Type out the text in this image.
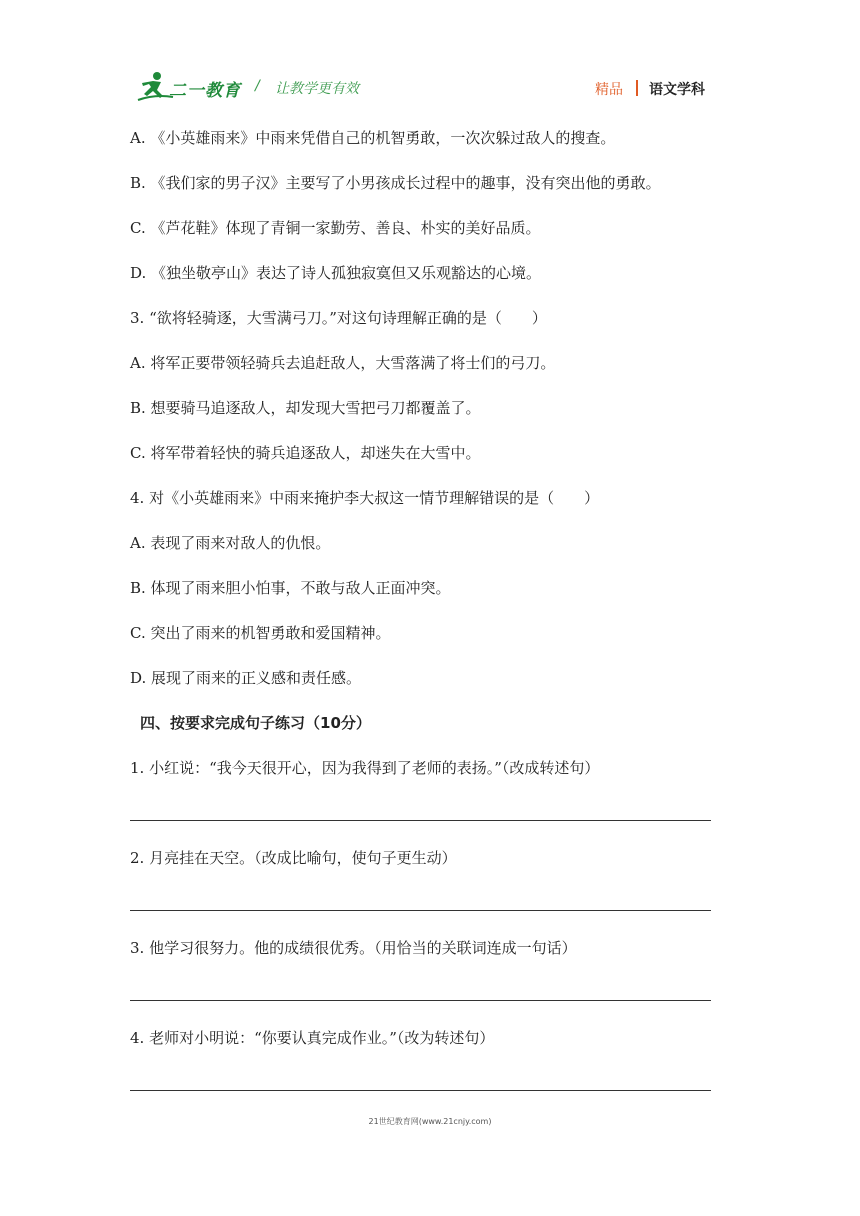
二一教育 / 让教学更有效	精品 语文学科
A. 《小英雄雨来》中雨来凭借自己的机智勇敢，一次次躲过敌人的搜查。
B. 《我们家的男子汉》主要写了小男孩成长过程中的趣事，没有突出他的勇敢。
C. 《芦花鞋》体现了青铜一家勤劳、善良、朴实的美好品质。
D. 《独坐敬亭山》表达了诗人孤独寂寞但又乐观豁达的心境。
3. “欲将轻骑逐，大雪满弓刀。”对这句诗理解正确的是（　　）
A. 将军正要带领轻骑兵去追赶敌人，大雪落满了将士们的弓刀。
B. 想要骑马追逐敌人，却发现大雪把弓刀都覆盖了。
C. 将军带着轻快的骑兵追逐敌人，却迷失在大雪中。
4. 对《小英雄雨来》中雨来掩护李大叔这一情节理解错误的是（　　）
A. 表现了雨来对敌人的仇恨。
B. 体现了雨来胆小怕事，不敢与敌人正面冲突。
C. 突出了雨来的机智勇敢和爱国精神。
D. 展现了雨来的正义感和责任感。
四、按要求完成句子练习（10分）
1. 小红说：“我今天很开心，因为我得到了老师的表扬。”（改成转述句）
2. 月亮挂在天空。（改成比喻句，使句子更生动）
3. 他学习很努力。他的成绩很优秀。（用恰当的关联词连成一句话）
4. 老师对小明说：“你要认真完成作业。”（改为转述句）
21世纪教育网(www.21cnjy.com)
